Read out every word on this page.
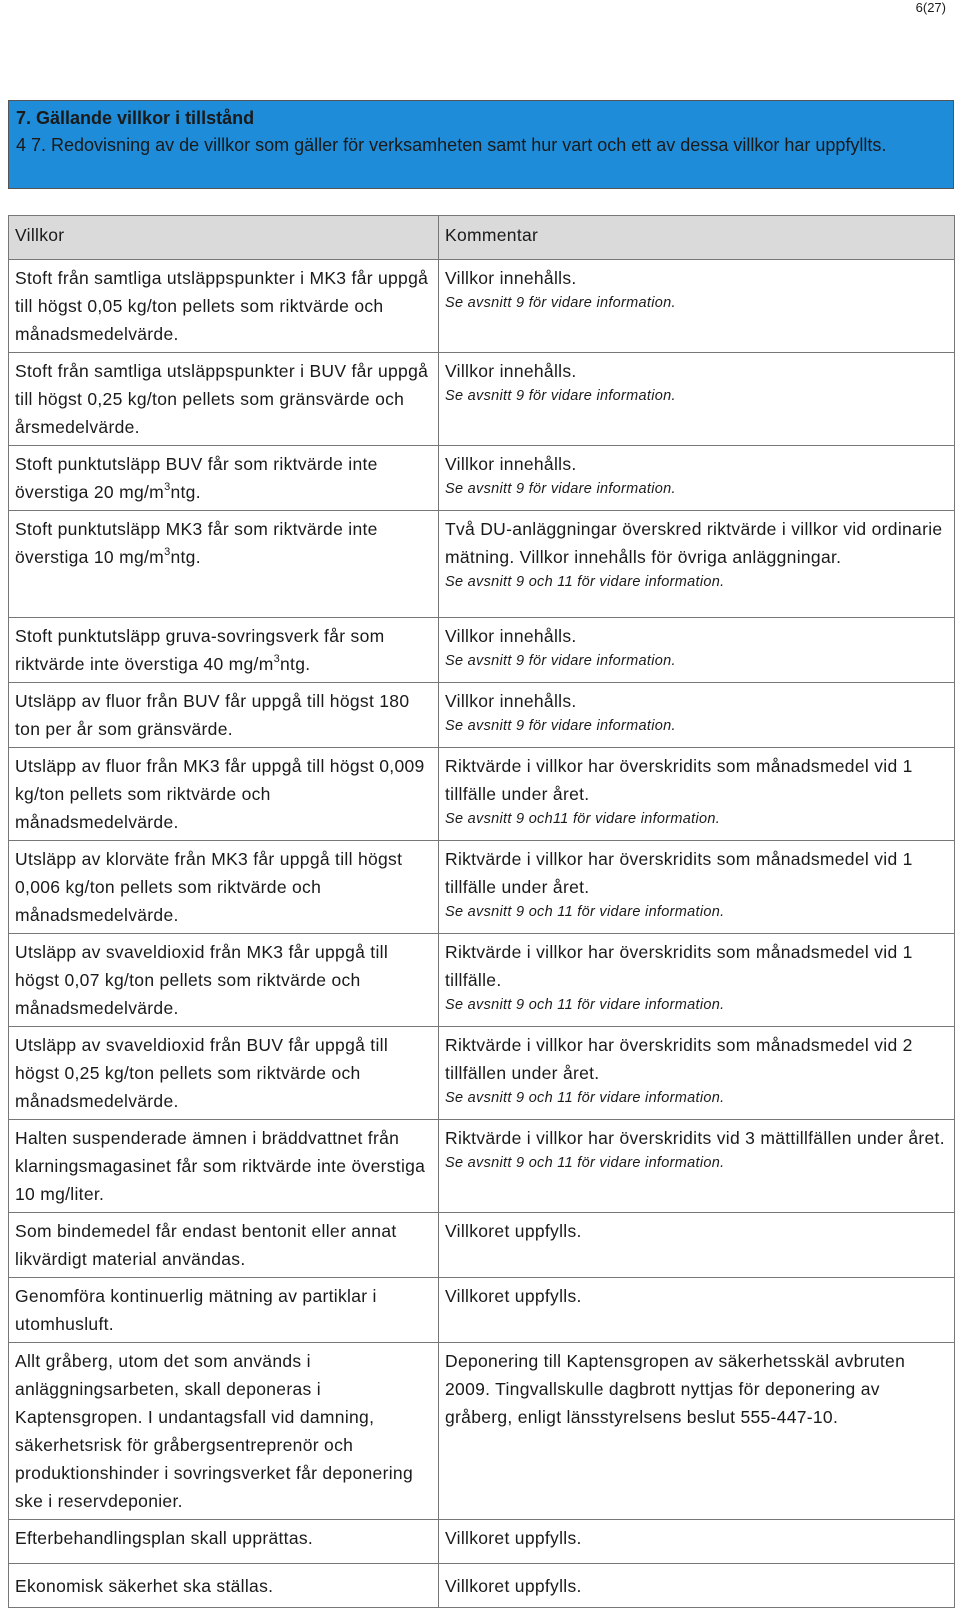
6(27)
7. Gällande villkor i tillstånd
4 7. Redovisning av de villkor som gäller för verksamheten samt hur vart och ett av dessa villkor har uppfyllts.
Villkor	Kommentar
Stoft från samtliga utsläppspunkter i MK3 får uppgå till högst 0,05 kg/ton pellets som riktvärde och månadsmedelvärde.	Villkor innehålls.
Se avsnitt 9 för vidare information.

Stoft från samtliga utsläppspunkter i BUV får uppgå till högst 0,25 kg/ton pellets som gränsvärde och årsmedelvärde.	Villkor innehålls.
Se avsnitt 9 för vidare information.

Stoft punktutsläpp BUV får som riktvärde inte överstiga 20 $mg/m^3ntg$.	Villkor innehålls.
Se avsnitt 9 för vidare information.

Stoft punktutsläpp MK3 får som riktvärde inte överstiga 10 $mg/m^3ntg$.	Två DU-anläggningar överskred riktvärde i villkor vid ordinarie mätning. Villkor innehålls för övriga anläggningar.
Se avsnitt 9 och 11 för vidare information.

Stoft punktutsläpp gruva-sovringsverk får som riktvärde inte överstiga 40 $mg/m^3ntg$.	Villkor innehålls.
Se avsnitt 9 för vidare information.

Utsläpp av fluor från BUV får uppgå till högst 180 ton per år som gränsvärde.	Villkor innehålls.
Se avsnitt 9 för vidare information.

Utsläpp av fluor från MK3 får uppgå till högst 0,009 kg/ton pellets som riktvärde och månadsmedelvärde.	Riktvärde i villkor har överskridits som månadsmedel vid 1 tillfälle under året.
Se avsnitt 9 och11 för vidare information.

Utsläpp av klorväte från MK3 får uppgå till högst 0,006 kg/ton pellets som riktvärde och månadsmedelvärde.	Riktvärde i villkor har överskridits som månadsmedel vid 1 tillfälle under året.
Se avsnitt 9 och 11 för vidare information.

Utsläpp av svaveldioxid från MK3 får uppgå till högst 0,07 kg/ton pellets som riktvärde och månadsmedelvärde.	Riktvärde i villkor har överskridits som månadsmedel vid 1 tillfälle.
Se avsnitt 9 och 11 för vidare information.

Utsläpp av svaveldioxid från BUV får uppgå till högst 0,25 kg/ton pellets som riktvärde och månadsmedelvärde.	Riktvärde i villkor har överskridits som månadsmedel vid 2 tillfällen under året.
Se avsnitt 9 och 11 för vidare information.

Halten suspenderade ämnen i bräddvattnet från klarningsmagasinet får som riktvärde inte överstiga 10 mg/liter.	Riktvärde i villkor har överskridits vid 3 mättillfällen under året.
Se avsnitt 9 och 11 för vidare information.

Som bindemedel får endast bentonit eller annat likvärdigt material användas.	Villkoret uppfylls.

Genomföra kontinuerlig mätning av partiklar i utomhusluft.	Villkoret uppfylls.

Allt gråberg, utom det som används i anläggningsarbeten, skall deponeras i Kaptensgropen. I undantagsfall vid damning, säkerhetsrisk för gråbergsentreprenör och produktionshinder i sovringsverket får deponering ske i reservdeponier.	Deponering till Kaptensgropen av säkerhetsskäl avbruten 2009. Tingvallskulle dagbrott nyttjas för deponering av gråberg, enligt länsstyrelsens beslut 555-447-10.

Efterbehandlingsplan skall upprättas.	Villkoret uppfylls.

Ekonomisk säkerhet ska ställas.	Villkoret uppfylls.
